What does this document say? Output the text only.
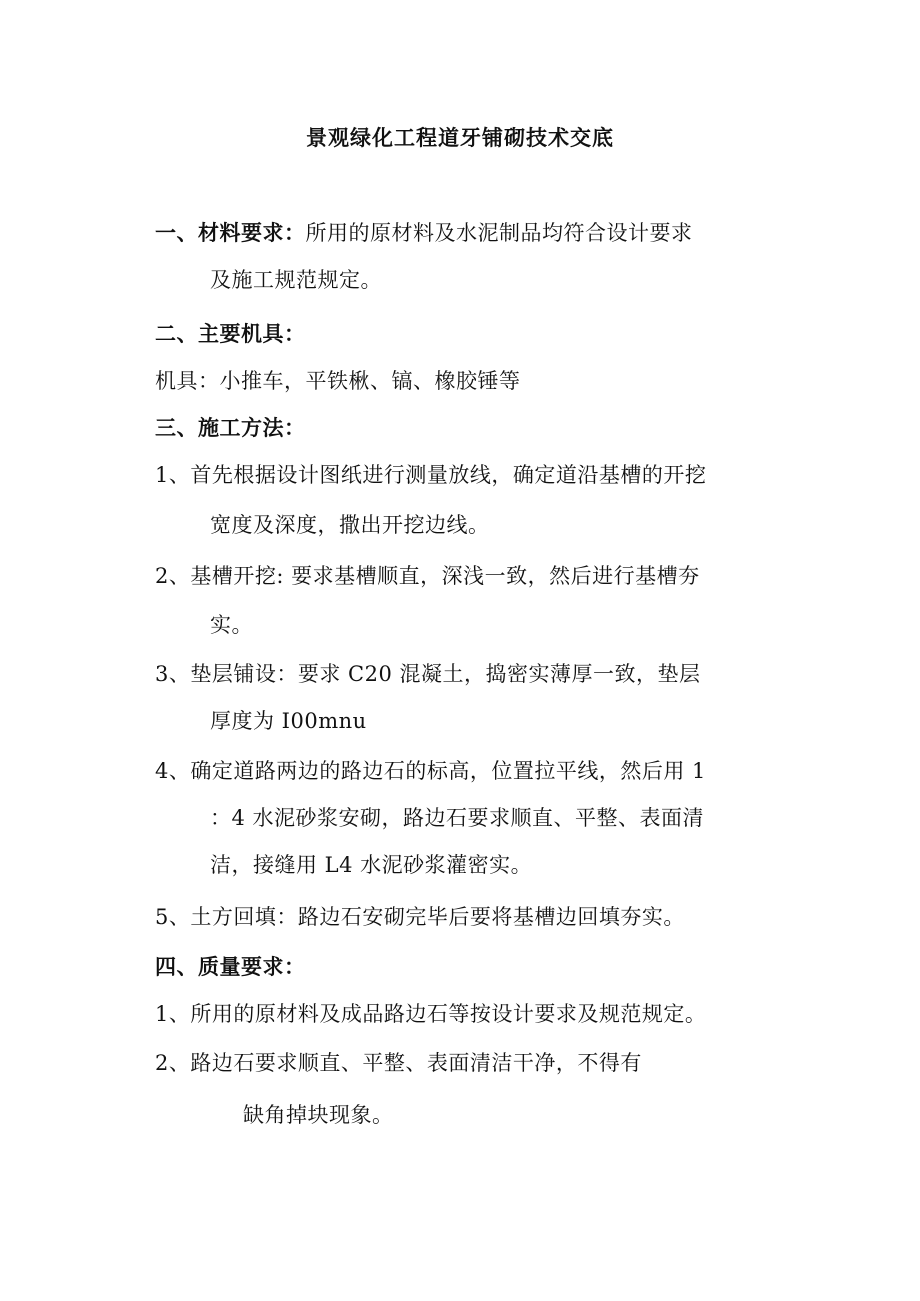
景观绿化工程道牙铺砌技术交底
一、材料要求：所用的原材料及水泥制品均符合设计要求
及施工规范规定。
二、主要机具：
机具：小推车，平铁楸、镐、橡胶锤等
三、施工方法：
1、首先根据设计图纸进行测量放线，确定道沿基槽的开挖
宽度及深度，撒出开挖边线。
2、基槽开挖: 要求基槽顺直，深浅一致，然后进行基槽夯
实。
3、垫层铺设：要求 C20 混凝土，捣密实薄厚一致，垫层
厚度为 I00mnu
4、确定道路两边的路边石的标高，位置拉平线，然后用 1
：4 水泥砂浆安砌，路边石要求顺直、平整、表面清
洁，接缝用 L4 水泥砂浆灌密实。
5、土方回填：路边石安砌完毕后要将基槽边回填夯实。
四、质量要求：
1、所用的原材料及成品路边石等按设计要求及规范规定。
2、路边石要求顺直、平整、表面清洁干净，不得有
缺角掉块现象。
